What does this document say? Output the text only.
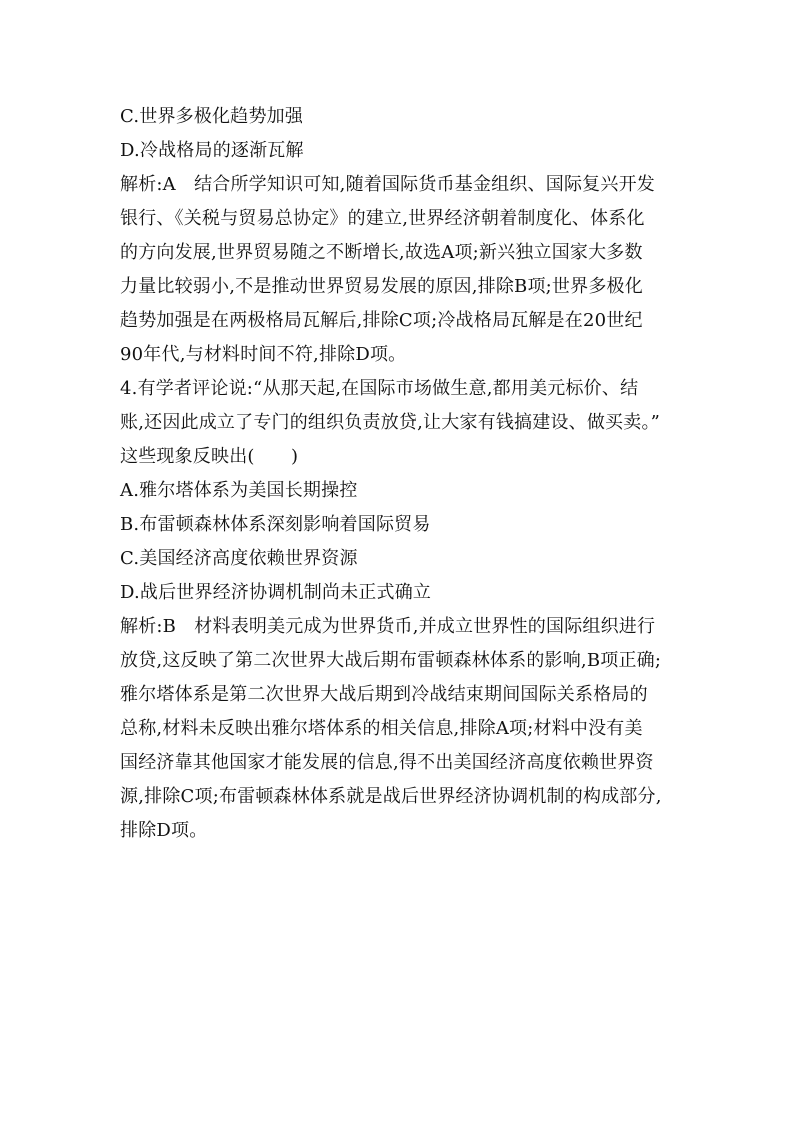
C.世界多极化趋势加强
D.冷战格局的逐渐瓦解
解析:A　结合所学知识可知,随着国际货币基金组织、国际复兴开发
银行、《关税与贸易总协定》的建立,世界经济朝着制度化、体系化
的方向发展,世界贸易随之不断增长,故选A项;新兴独立国家大多数
力量比较弱小,不是推动世界贸易发展的原因,排除B项;世界多极化
趋势加强是在两极格局瓦解后,排除C项;冷战格局瓦解是在20世纪
90年代,与材料时间不符,排除D项。
4.有学者评论说:“从那天起,在国际市场做生意,都用美元标价、结
账,还因此成立了专门的组织负责放贷,让大家有钱搞建设、做买卖。”
这些现象反映出(　　)
A.雅尔塔体系为美国长期操控
B.布雷顿森林体系深刻影响着国际贸易
C.美国经济高度依赖世界资源
D.战后世界经济协调机制尚未正式确立
解析:B　材料表明美元成为世界货币,并成立世界性的国际组织进行
放贷,这反映了第二次世界大战后期布雷顿森林体系的影响,B项正确;
雅尔塔体系是第二次世界大战后期到冷战结束期间国际关系格局的
总称,材料未反映出雅尔塔体系的相关信息,排除A项;材料中没有美
国经济靠其他国家才能发展的信息,得不出美国经济高度依赖世界资
源,排除C项;布雷顿森林体系就是战后世界经济协调机制的构成部分,
排除D项。
